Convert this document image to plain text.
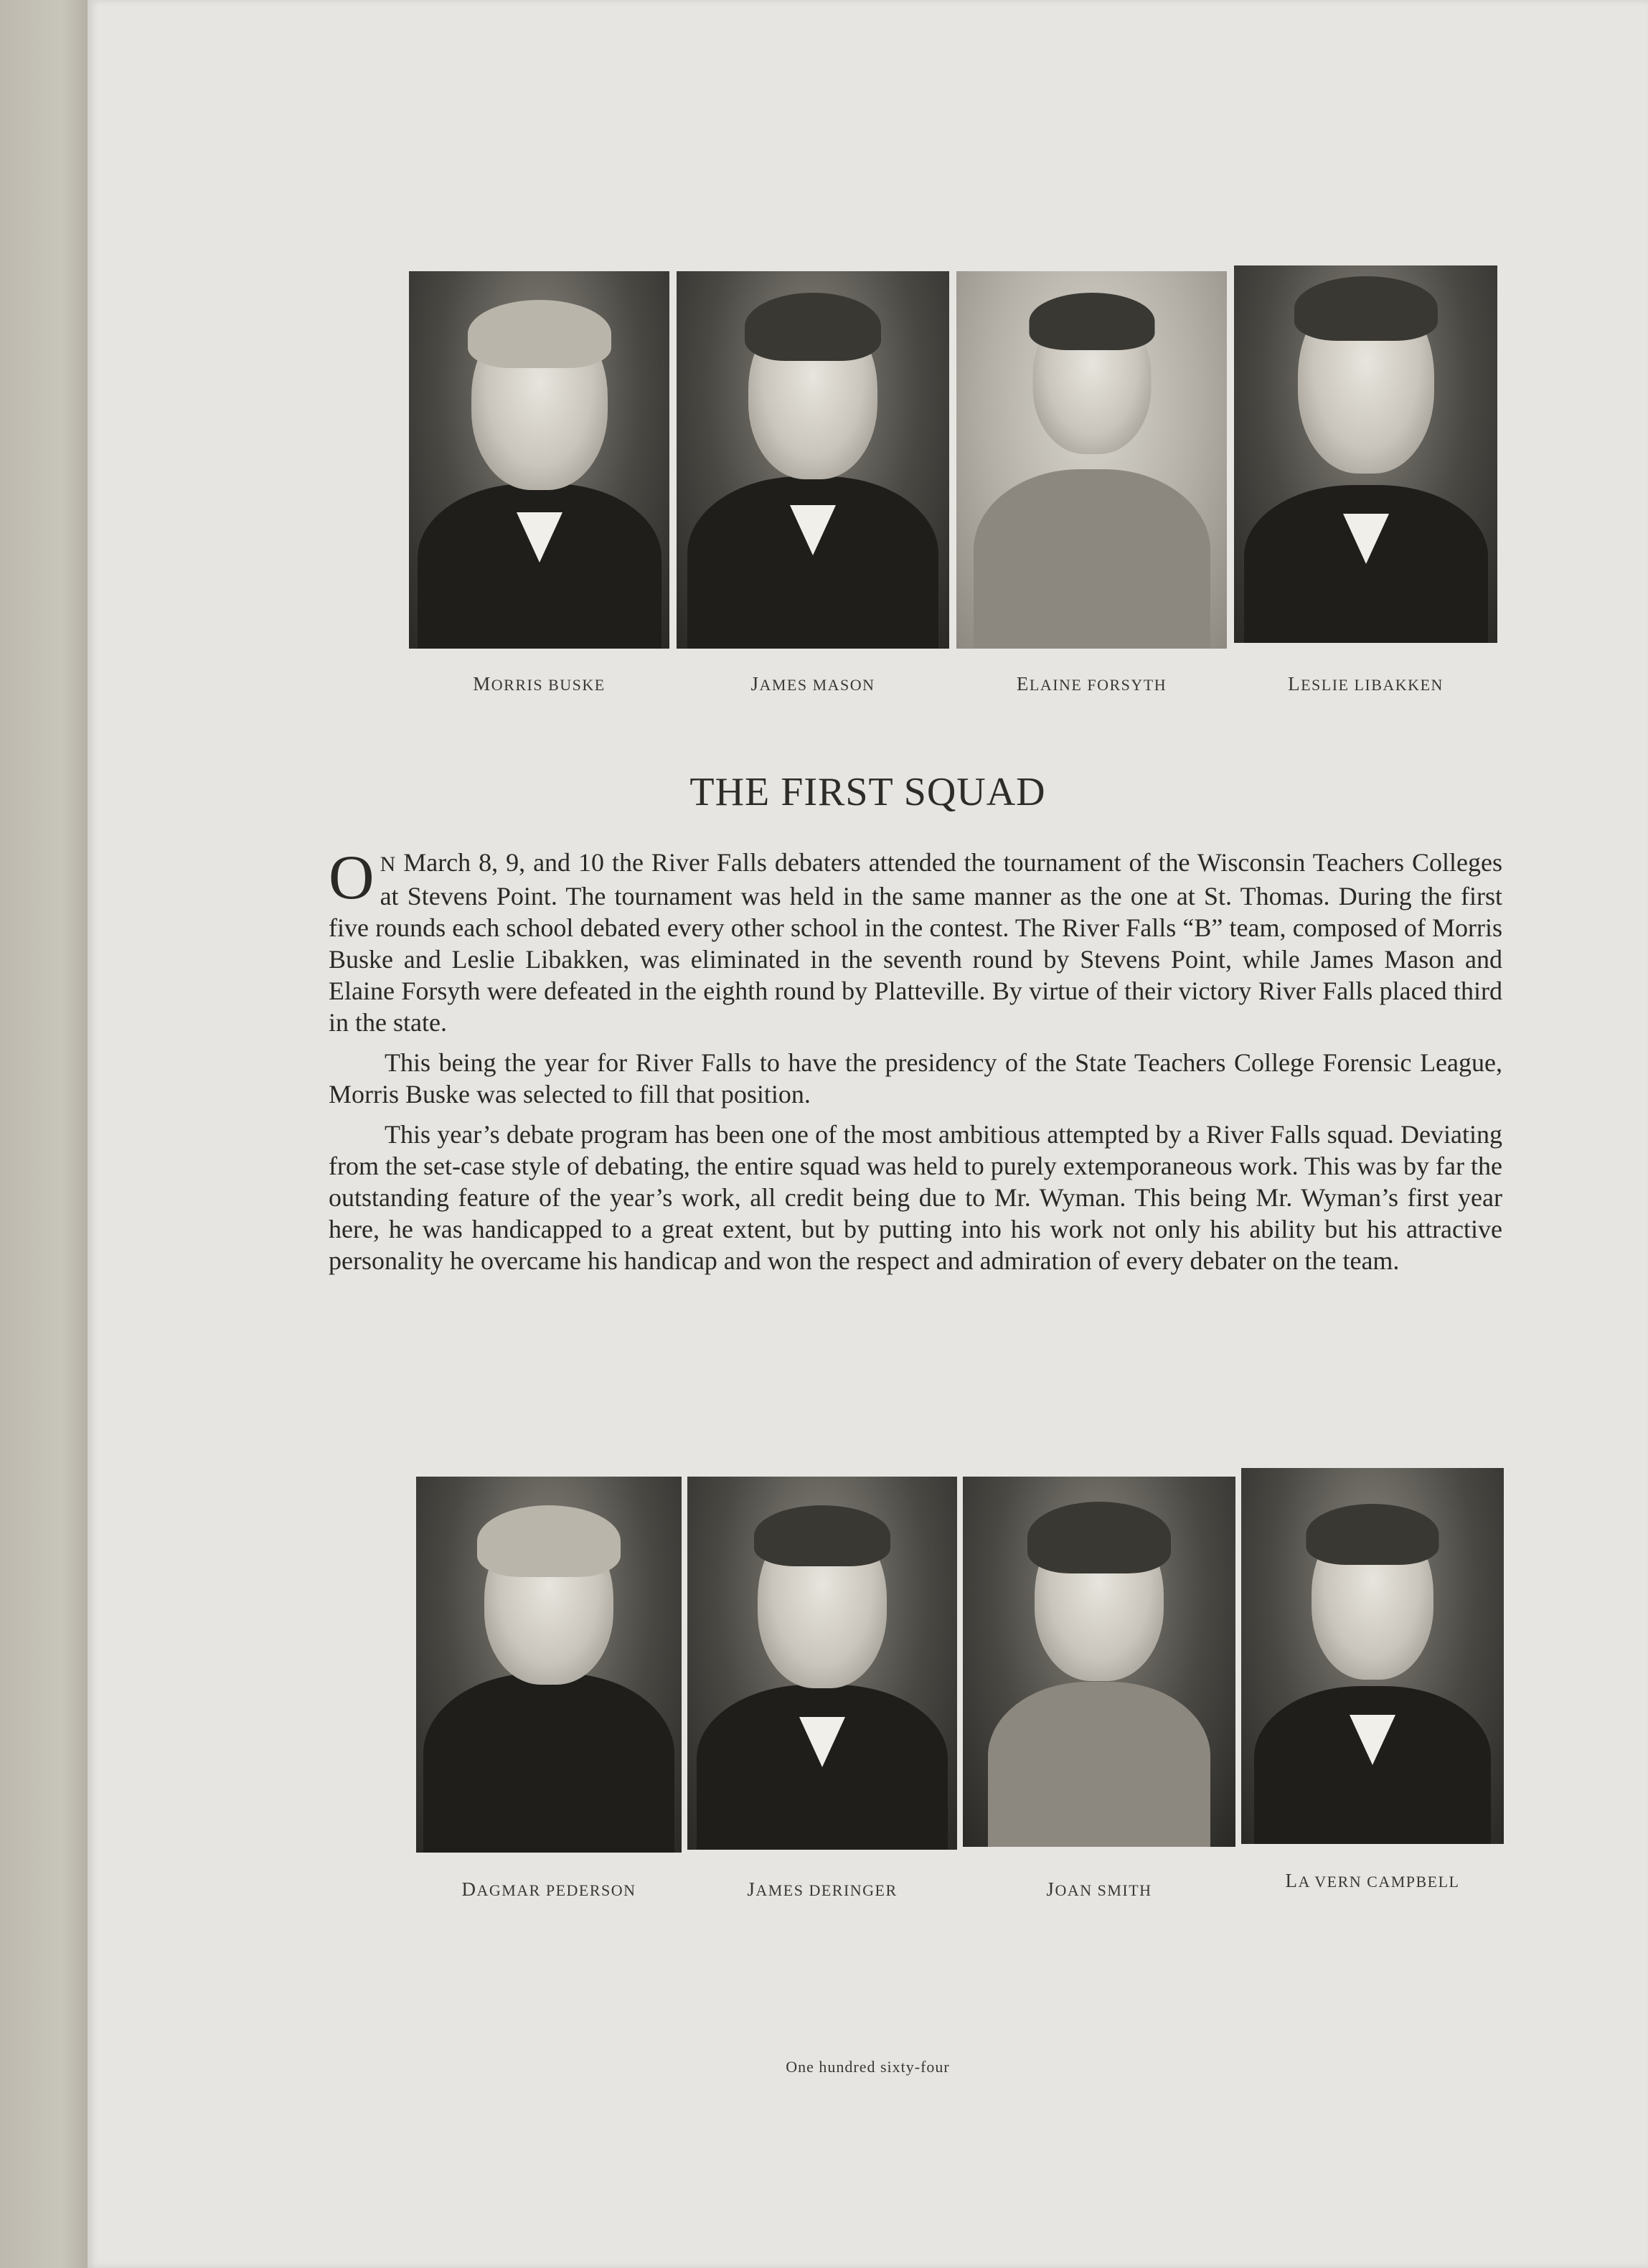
MORRIS BUSKE	JAMES MASON	ELAINE FORSYTH	LESLIE LIBAKKEN
THE FIRST SQUAD

O N March 8, 9, and 10 the River Falls debaters attended the tournament of the Wisconsin Teachers Colleges at Stevens Point. The tournament was held in the same manner as the one at St. Thomas. During the first five rounds each school debated every other school in the contest. The River Falls “B” team, composed of Morris Buske and Leslie Libakken, was eliminated in the seventh round by Stevens Point, while James Mason and Elaine Forsyth were defeated in the eighth round by Platteville. By virtue of their victory River Falls placed third in the state.

This being the year for River Falls to have the presidency of the State Teachers College Forensic League, Morris Buske was selected to fill that position.

This year’s debate program has been one of the most ambitious attempted by a River Falls squad. Deviating from the set-case style of debating, the entire squad was held to purely extemporaneous work. This was by far the outstanding feature of the year’s work, all credit being due to Mr. Wyman. This being Mr. Wyman’s first year here, he was handicapped to a great extent, but by putting into his work not only his ability but his attractive personality he overcame his handicap and won the respect and admiration of every debater on the team.

DAGMAR PEDERSON	JAMES DERINGER	JOAN SMITH	LA VERN CAMPBELL
One hundred sixty-four
